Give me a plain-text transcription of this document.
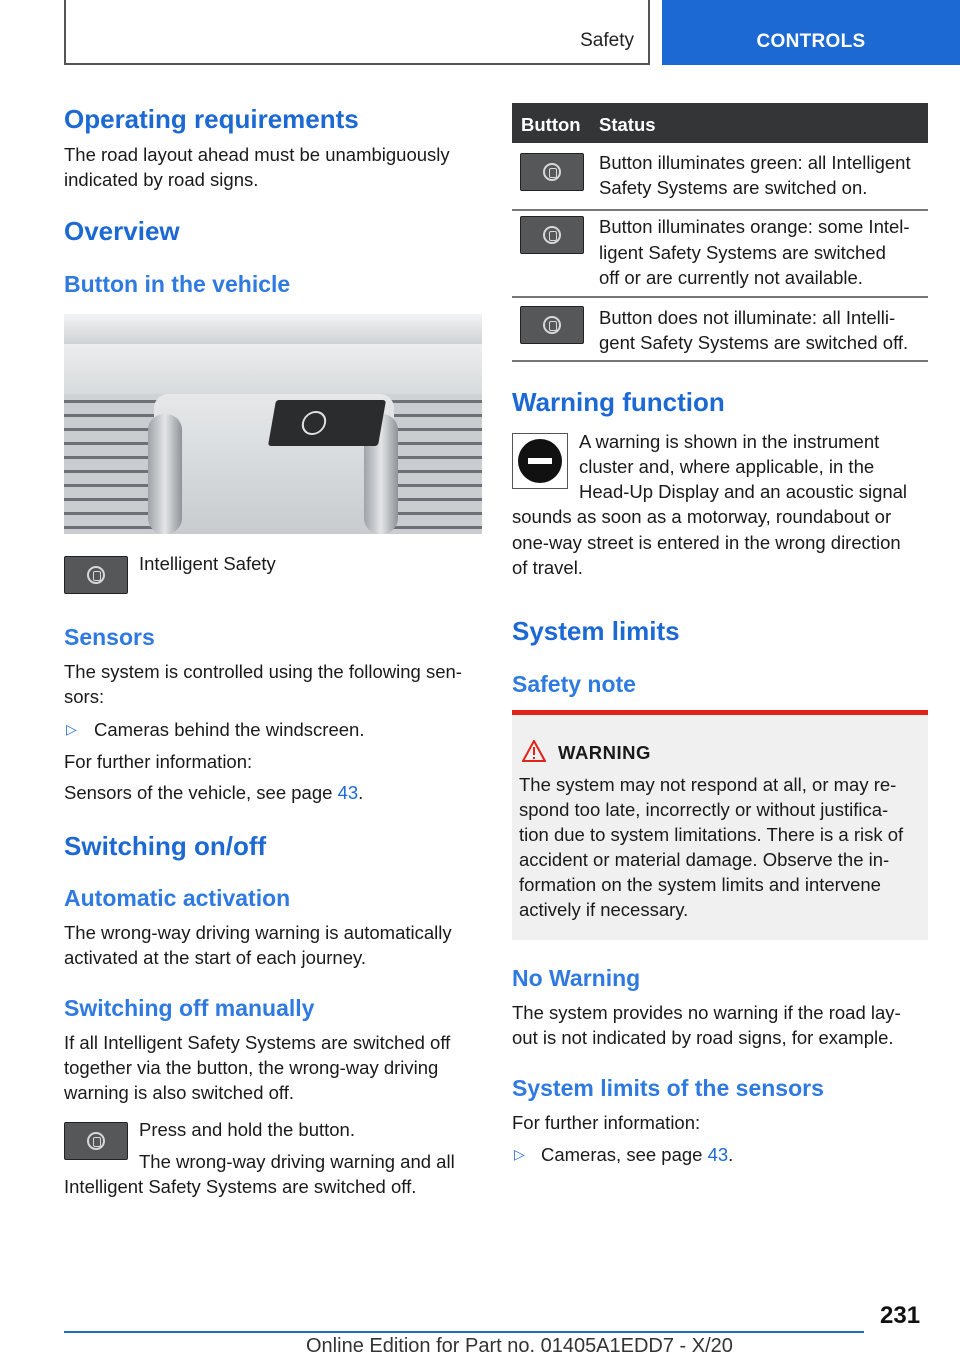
Safety	CONTROLS
Operating requirements
The road layout ahead must be unambiguously
indicated by road signs.
Overview
Button in the vehicle
Intelligent Safety
Sensors
The system is controlled using the following sen‐
sors:
▷ Cameras behind the windscreen.
For further information:
Sensors of the vehicle, see page 43.
Switching on/off
Automatic activation
The wrong-way driving warning is automatically
activated at the start of each journey.
Switching off manually
If all Intelligent Safety Systems are switched off
together via the button, the wrong-way driving
warning is also switched off.
Press and hold the button.
The wrong-way driving warning and all
Intelligent Safety Systems are switched off.
Button Status
Button illuminates green: all Intelligent
Safety Systems are switched on.
Button illuminates orange: some Intel‐
ligent Safety Systems are switched
off or are currently not available.
Button does not illuminate: all Intelli‐
gent Safety Systems are switched off.
Warning function
A warning is shown in the instrument
cluster and, where applicable, in the
Head-Up Display and an acoustic signal
sounds as soon as a motorway, roundabout or
one-way street is entered in the wrong direction
of travel.
System limits
Safety note
WARNING
The system may not respond at all, or may re‐
spond too late, incorrectly or without justifica‐
tion due to system limitations. There is a risk of
accident or material damage. Observe the in‐
formation on the system limits and intervene
actively if necessary.
No Warning
The system provides no warning if the road lay‐
out is not indicated by road signs, for example.
System limits of the sensors
For further information:
▷ Cameras, see page 43.
231
Online Edition for Part no. 01405A1EDD7 - X/20
